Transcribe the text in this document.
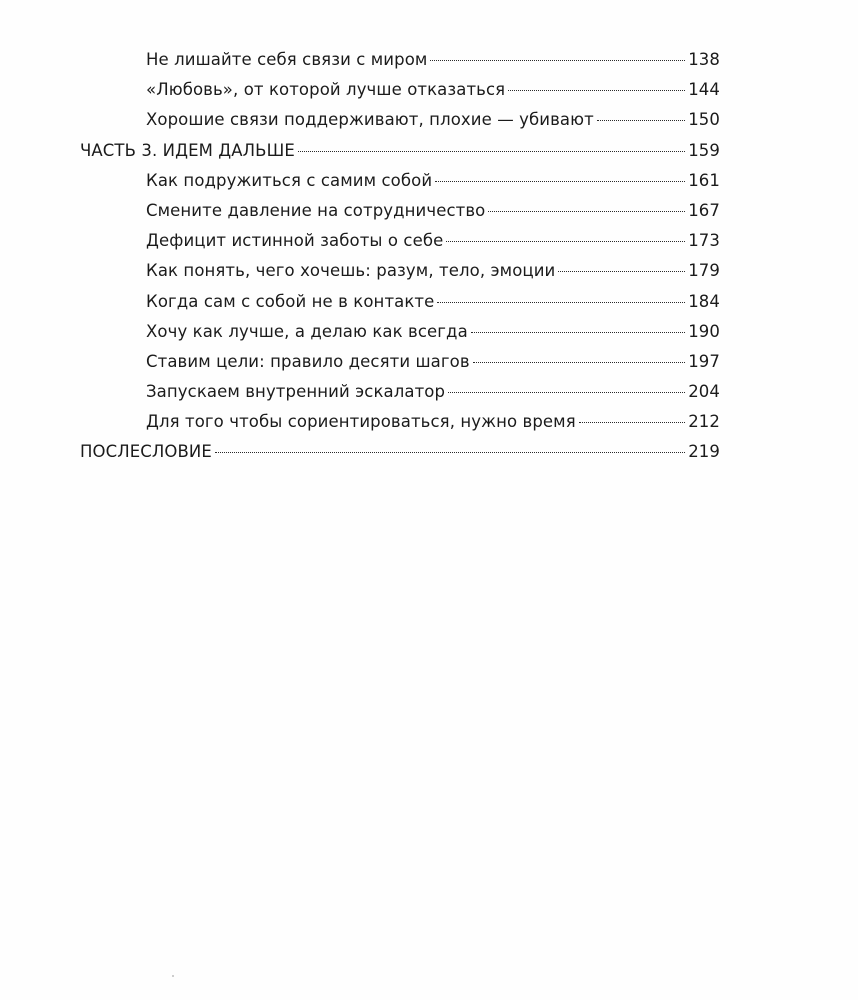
Не лишайте себя связи с миром	138
«Любовь», от которой лучше отказаться	144
Хорошие связи поддерживают, плохие — убивают	150
ЧАСТЬ 3. ИДЕМ ДАЛЬШЕ	159
Как подружиться с самим собой	161
Смените давление на сотрудничество	167
Дефицит истинной заботы о себе	173
Как понять, чего хочешь: разум, тело, эмоции	179
Когда сам с собой не в контакте	184
Хочу как лучше, а делаю как всегда	190
Ставим цели: правило десяти шагов	197
Запускаем внутренний эскалатор	204
Для того чтобы сориентироваться, нужно время	212
ПОСЛЕСЛОВИЕ	219
